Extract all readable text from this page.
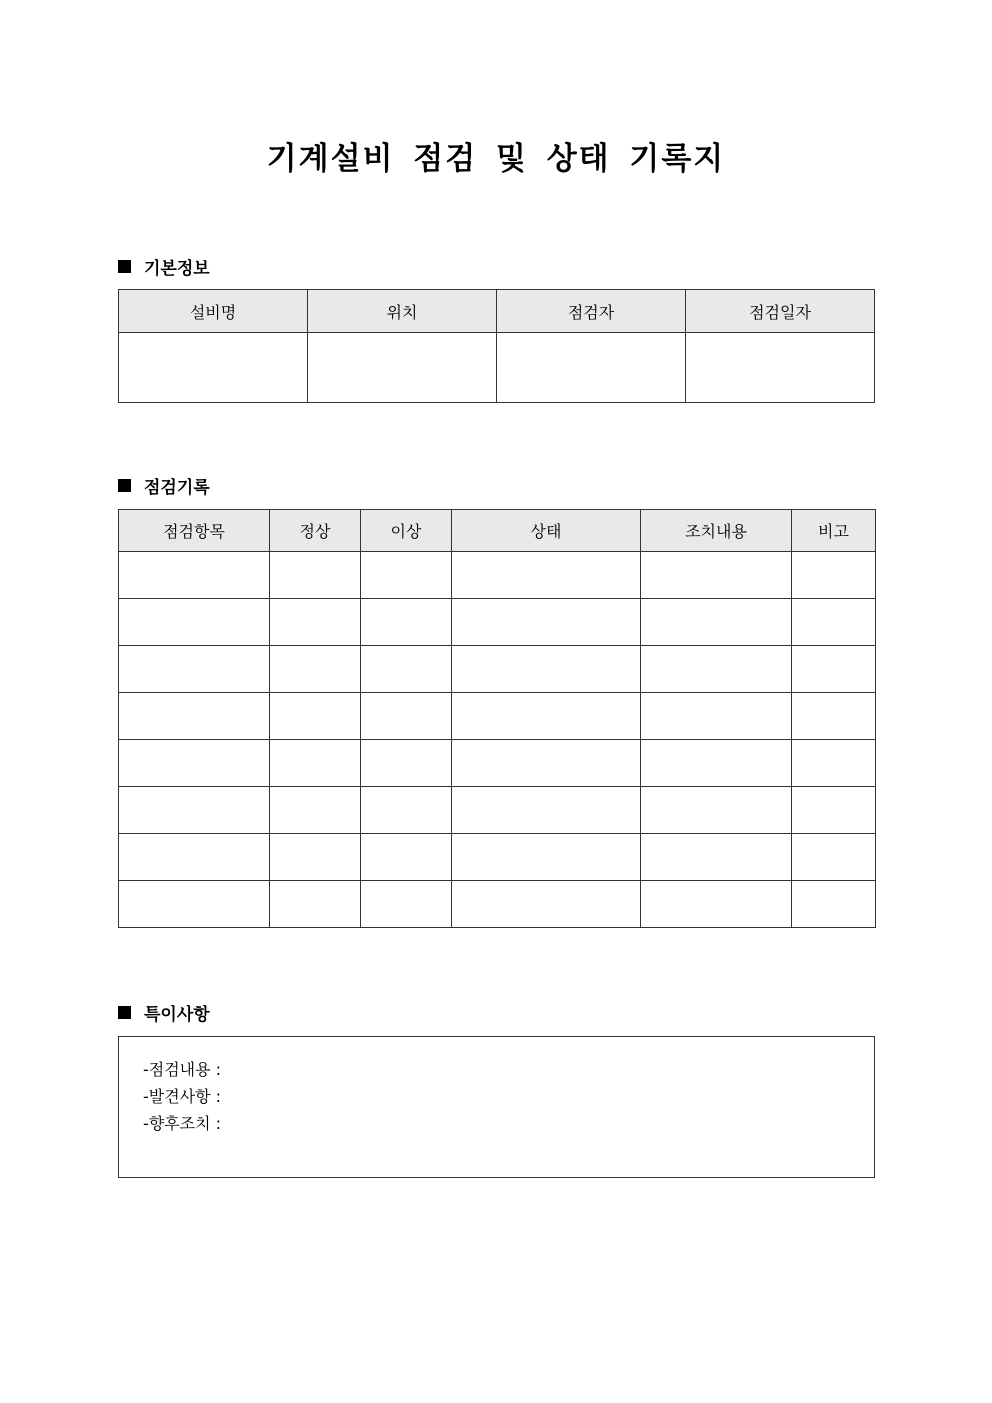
기계설비 점검 및 상태 기록지
기본정보
설비명	위치	점검자	점검일자

점검기록
점검항목	정상	이상	상태	조치내용	비고

특이사항
-점검내용 :
-발견사항 :
-향후조치 :
